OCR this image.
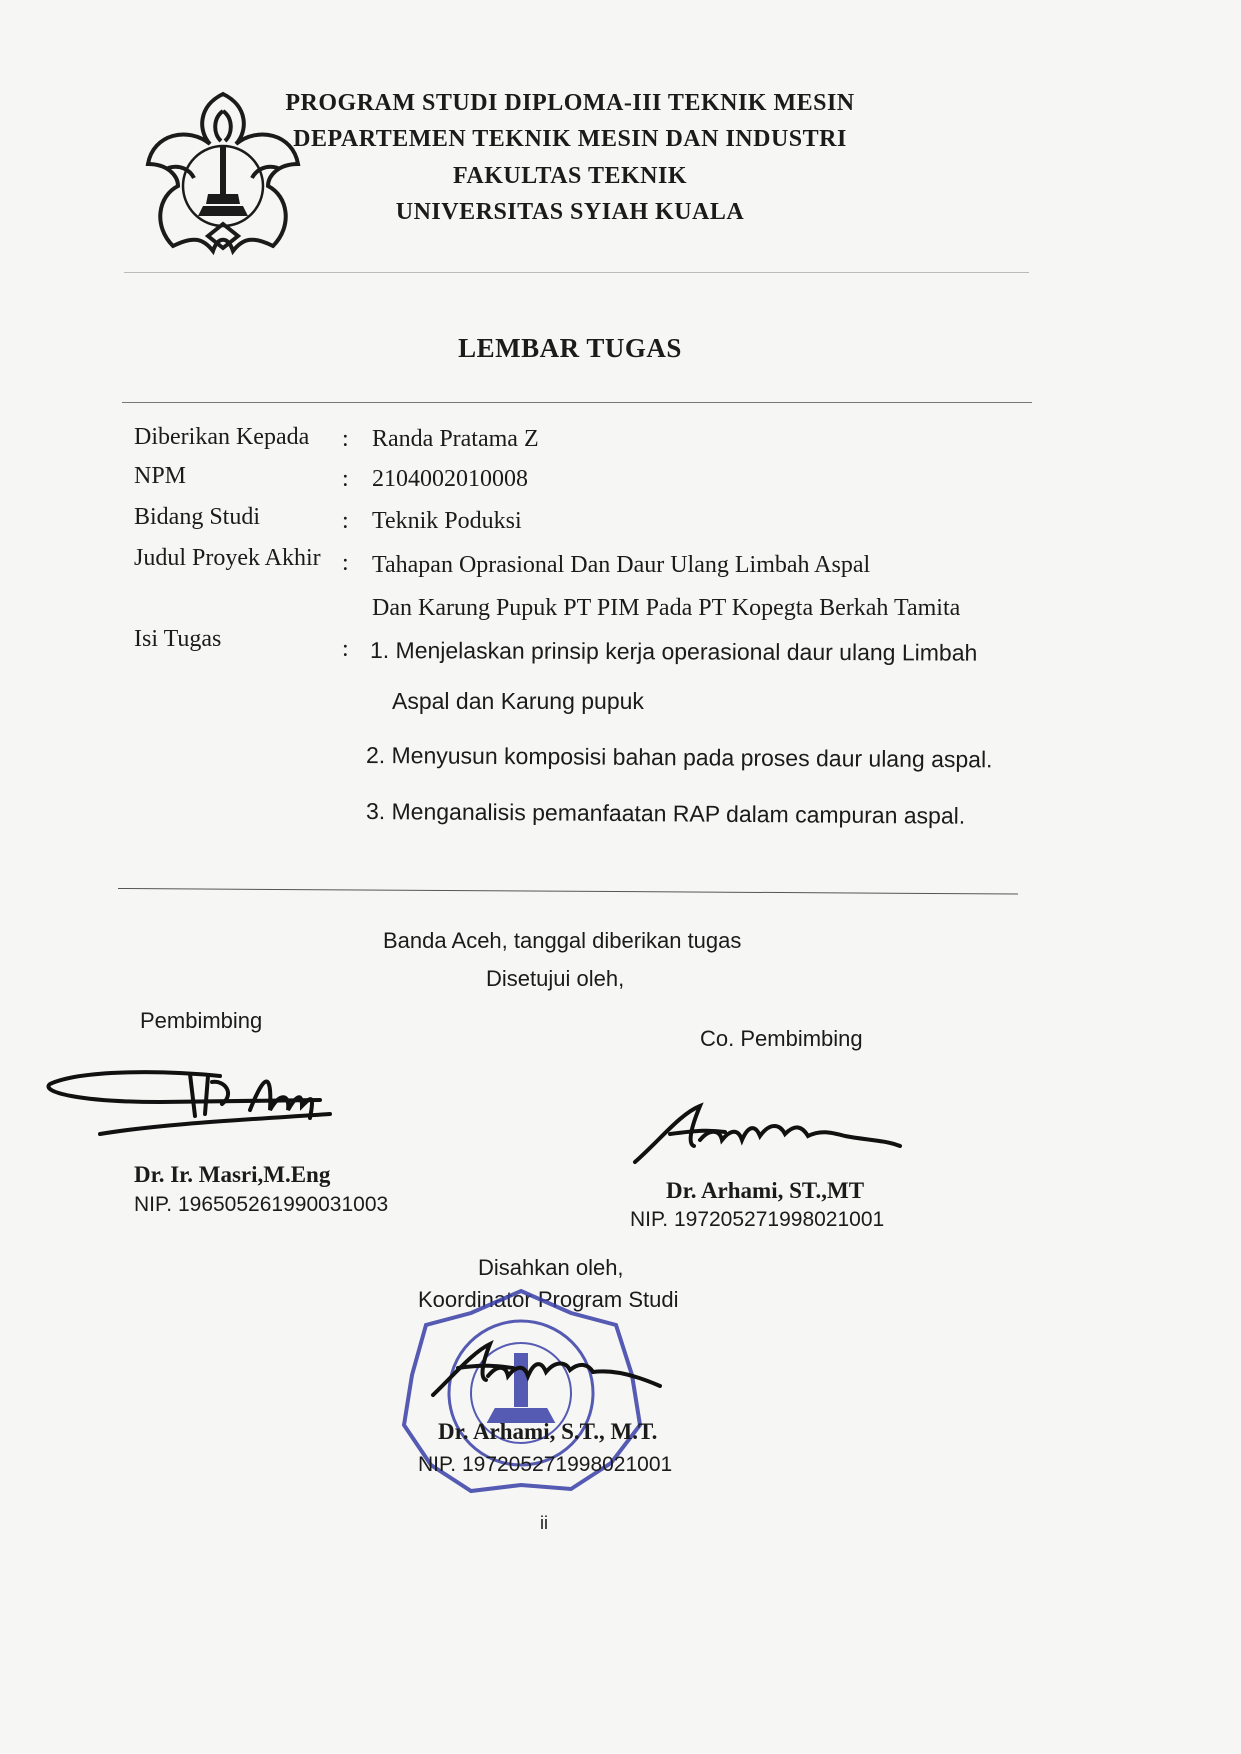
PROGRAM STUDI DIPLOMA-III TEKNIK MESIN
DEPARTEMEN TEKNIK MESIN DAN INDUSTRI
FAKULTAS TEKNIK
UNIVERSITAS SYIAH KUALA
LEMBAR TUGAS
Diberikan Kepada : Randa Pratama Z
NPM	: 2104002010008
Bidang Studi	: Teknik Poduksi
Judul Proyek Akhir : Tahapan Oprasional Dan Daur Ulang Limbah Aspal
Dan Karung Pupuk PT PIM Pada PT Kopegta Berkah Tamita
Isi Tugas	: 1. Menjelaskan prinsip kerja operasional daur ulang Limbah
Aspal dan Karung pupuk
2. Menyusun komposisi bahan pada proses daur ulang aspal.
3. Menganalisis pemanfaatan RAP dalam campuran aspal.
Banda Aceh, tanggal diberikan tugas
Disetujui oleh,
Pembimbing
Co. Pembimbing
Dr. Ir. Masri,M.Eng
NIP. 196505261990031003
Dr. Arhami, ST.,MT
NIP. 197205271998021001
Disahkan oleh,
Koordinator Program Studi
Dr. Arhami, S.T., M.T.
NIP. 197205271998021001
ii
